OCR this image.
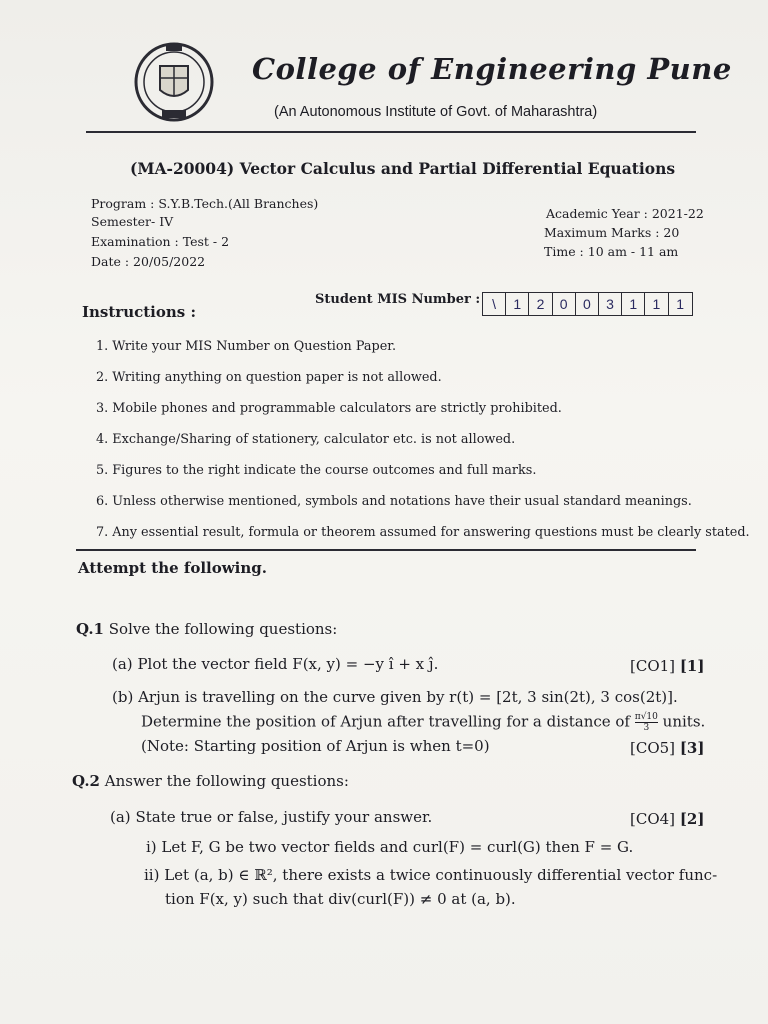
College of Engineering Pune
(An Autonomous Institute of Govt. of Maharashtra)
(MA-20004) Vector Calculus and Partial Differential Equations
Program : S.Y.B.Tech.(All Branches)
Semester- IV
Examination : Test - 2
Date : 20/05/2022
Academic Year : 2021-22
Maximum Marks : 20
Time : 10 am - 11 am
Student MIS Number : \	1	2	0	0	3	1	1	1
Instructions :
1. Write your MIS Number on Question Paper.
2. Writing anything on question paper is not allowed.
3. Mobile phones and programmable calculators are strictly prohibited.
4. Exchange/Sharing of stationery, calculator etc. is not allowed.
5. Figures to the right indicate the course outcomes and full marks.
6. Unless otherwise mentioned, symbols and notations have their usual standard meanings.
7. Any essential result, formula or theorem assumed for answering questions must be clearly stated.
Attempt the following.
Q.1 Solve the following questions:
(a) Plot the vector field F(x, y) = −y î + x ĵ.	[CO1] [1]
(b) Arjun is travelling on the curve given by r(t) = [2t, 3 sin(2t), 3 cos(2t)].
Determine the position of Arjun after travelling for a distance of $\frac{\pi√10}{3}$ units.
(Note: Starting position of Arjun is when t=0)	[CO5] [3]
Q.2 Answer the following questions:
(a) State true or false, justify your answer.	[CO4] [2]
i) Let F, G be two vector fields and curl(F) = curl(G) then F = G.
ii) Let (a, b) ∈ ℝ², there exists a twice continuously differential vector func-
tion F(x, y) such that div(curl(F)) ≠ 0 at (a, b).
